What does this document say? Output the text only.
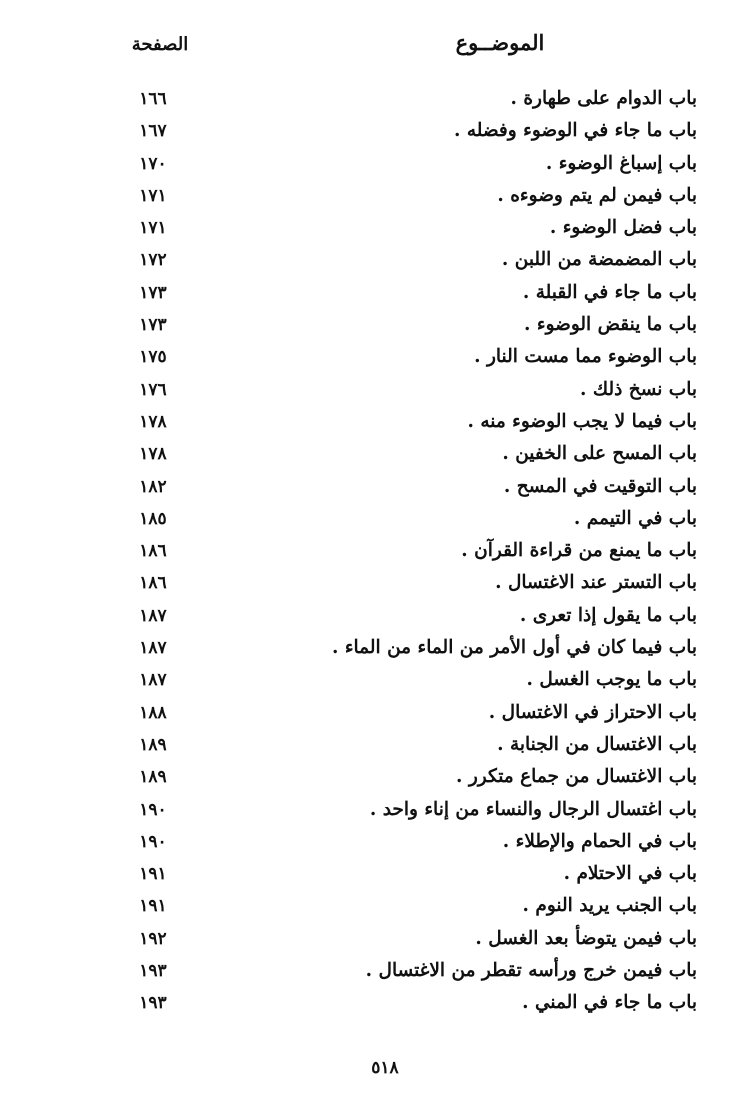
الموضــوع
الصفحة
باب الدوام على طهارة .
١٦٦
باب ما جاء في الوضوء وفضله .
١٦٧
باب إسباغ الوضوء .
١٧٠
باب فيمن لم يتم وضوءه .
١٧١
باب فضل الوضوء .
١٧١
باب المضمضة من اللبن .
١٧٢
باب ما جاء في القبلة .
١٧٣
باب ما ينقض الوضوء .
١٧٣
باب الوضوء مما مست النار .
١٧٥
باب نسخ ذلك .
١٧٦
باب فيما لا يجب الوضوء منه .
١٧٨
باب المسح على الخفين .
١٧٨
باب التوقيت في المسح .
١٨٢
باب في التيمم .
١٨٥
باب ما يمنع من قراءة القرآن .
١٨٦
باب التستر عند الاغتسال .
١٨٦
باب ما يقول إذا تعرى .
١٨٧
باب فيما كان في أول الأمر من الماء من الماء .
١٨٧
باب ما يوجب الغسل .
١٨٧
باب الاحتراز في الاغتسال .
١٨٨
باب الاغتسال من الجنابة .
١٨٩
باب الاغتسال من جماع متكرر .
١٨٩
باب اغتسال الرجال والنساء من إناء واحد .
١٩٠
باب في الحمام والإطلاء .
١٩٠
باب في الاحتلام .
١٩١
باب الجنب يريد النوم .
١٩١
باب فيمن يتوضأ بعد الغسل .
١٩٢
باب فيمن خرج ورأسه تقطر من الاغتسال .
١٩٣
باب ما جاء في المني .
١٩٣
٥١٨
